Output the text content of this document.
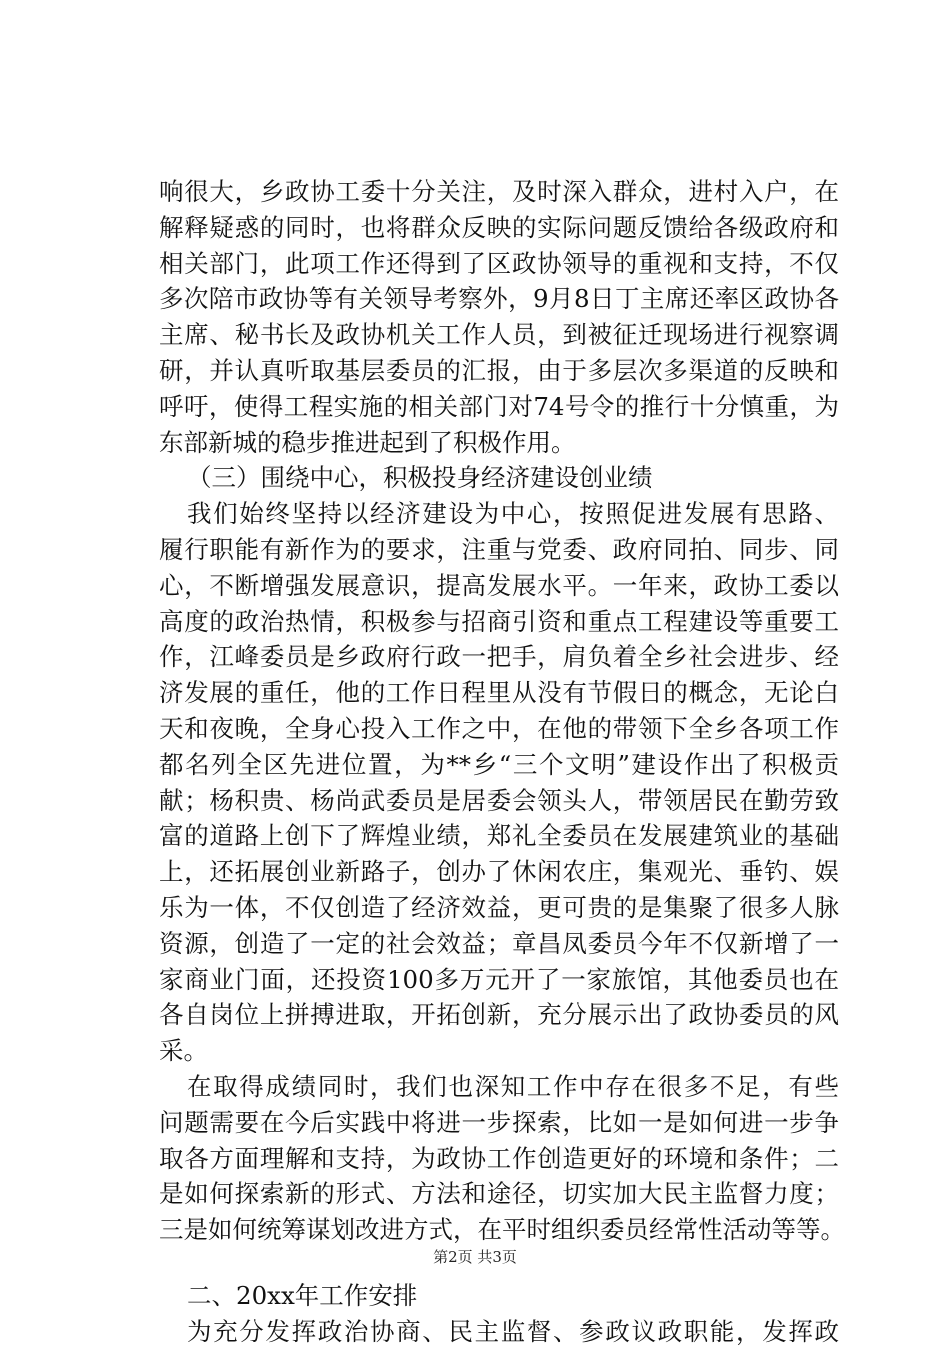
响很大，乡政协工委十分关注，及时深入群众，进村入户，在
解释疑惑的同时，也将群众反映的实际问题反馈给各级政府和
相关部门，此项工作还得到了区政协领导的重视和支持，不仅
多次陪市政协等有关领导考察外，9月8日丁主席还率区政协各
主席、秘书长及政协机关工作人员，到被征迁现场进行视察调
研，并认真听取基层委员的汇报，由于多层次多渠道的反映和
呼吁，使得工程实施的相关部门对74号令的推行十分慎重，为
东部新城的稳步推进起到了积极作用。
（三）围绕中心，积极投身经济建设创业绩
我们始终坚持以经济建设为中心，按照促进发展有思路、
履行职能有新作为的要求，注重与党委、政府同拍、同步、同
心，不断增强发展意识，提高发展水平。一年来，政协工委以
高度的政治热情，积极参与招商引资和重点工程建设等重要工
作，江峰委员是乡政府行政一把手，肩负着全乡社会进步、经
济发展的重任，他的工作日程里从没有节假日的概念，无论白
天和夜晚，全身心投入工作之中，在他的带领下全乡各项工作
都名列全区先进位置，为**乡“三个文明”建设作出了积极贡
献；杨积贵、杨尚武委员是居委会领头人，带领居民在勤劳致
富的道路上创下了辉煌业绩，郑礼全委员在发展建筑业的基础
上，还拓展创业新路子，创办了休闲农庄，集观光、垂钓、娱
乐为一体，不仅创造了经济效益，更可贵的是集聚了很多人脉
资源，创造了一定的社会效益；章昌凤委员今年不仅新增了一
家商业门面，还投资100多万元开了一家旅馆，其他委员也在
各自岗位上拼搏进取，开拓创新，充分展示出了政协委员的风
采。
在取得成绩同时，我们也深知工作中存在很多不足，有些
问题需要在今后实践中将进一步探索，比如一是如何进一步争
取各方面理解和支持，为政协工作创造更好的环境和条件；二
是如何探索新的形式、方法和途径，切实加大民主监督力度；
三是如何统筹谋划改进方式，在平时组织委员经常性活动等等。
二、20xx年工作安排
为充分发挥政治协商、民主监督、参政议政职能，发挥政
第2页 共3页
